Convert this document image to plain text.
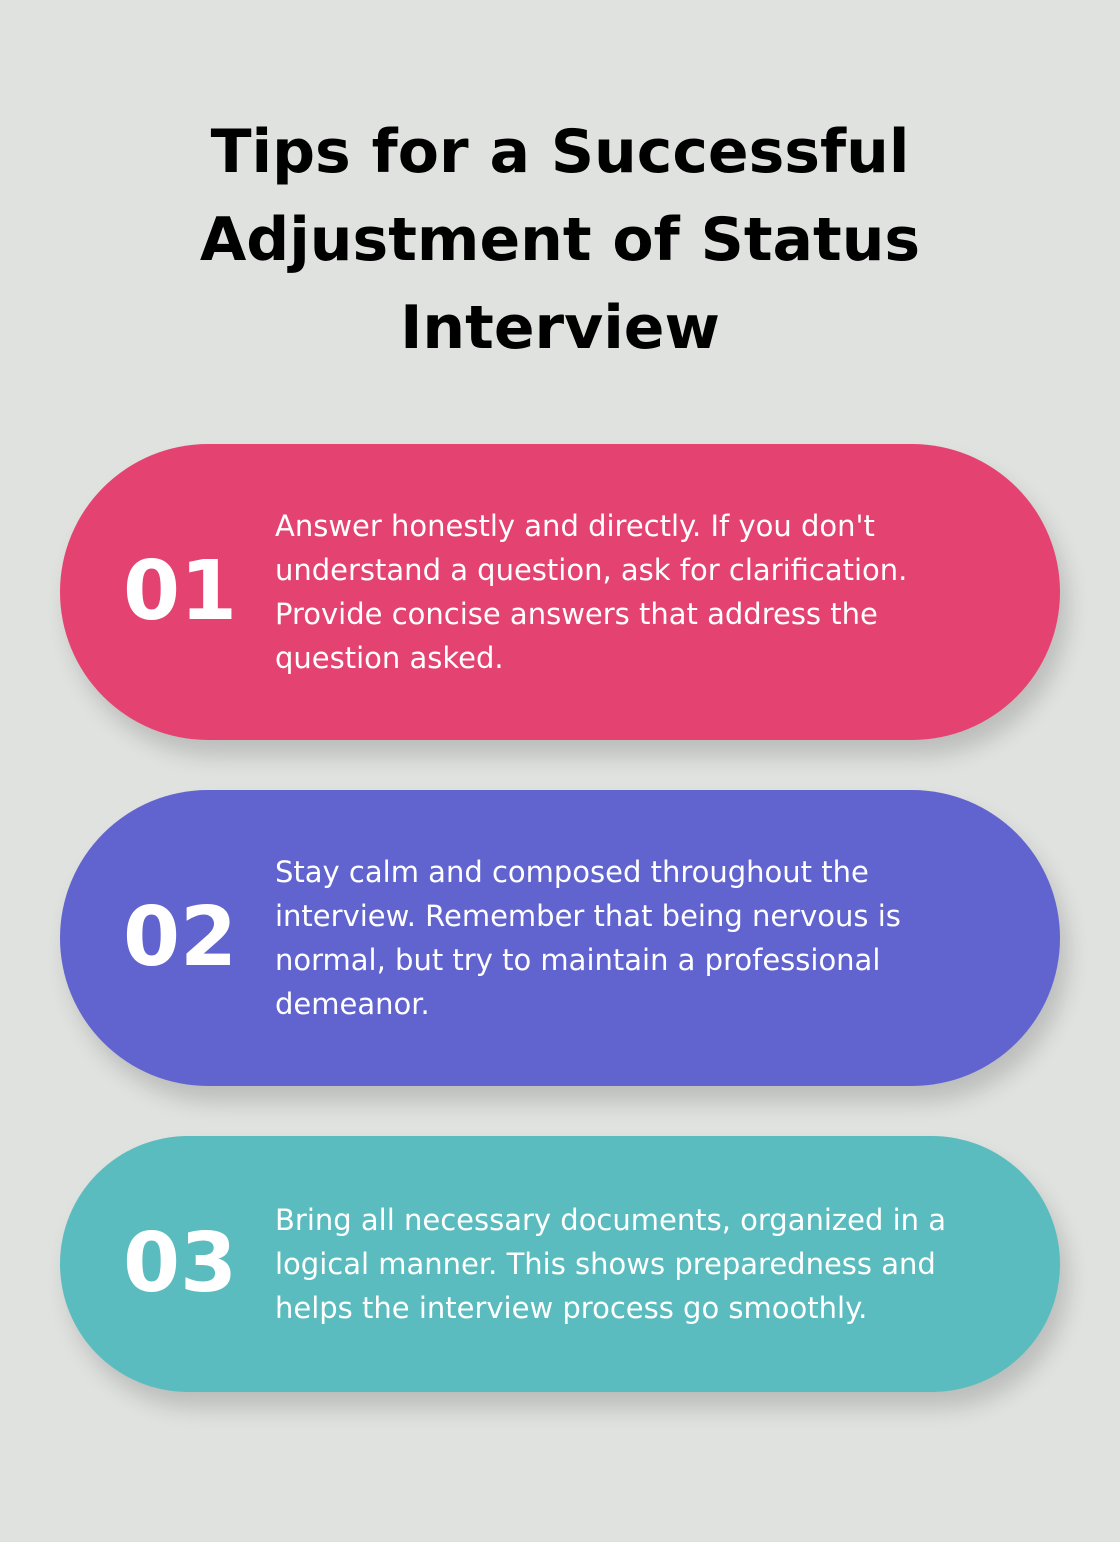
Tips for a Successful
Adjustment of Status
Interview
01

Answer honestly and directly. If you don't
understand a question, ask for clarification.
Provide concise answers that address the
question asked.

02

Stay calm and composed throughout the
interview. Remember that being nervous is
normal, but try to maintain a professional
demeanor.

03 Bring all necessary documents, organized in a
logical manner. This shows preparedness and
helps the interview process go smoothly.
